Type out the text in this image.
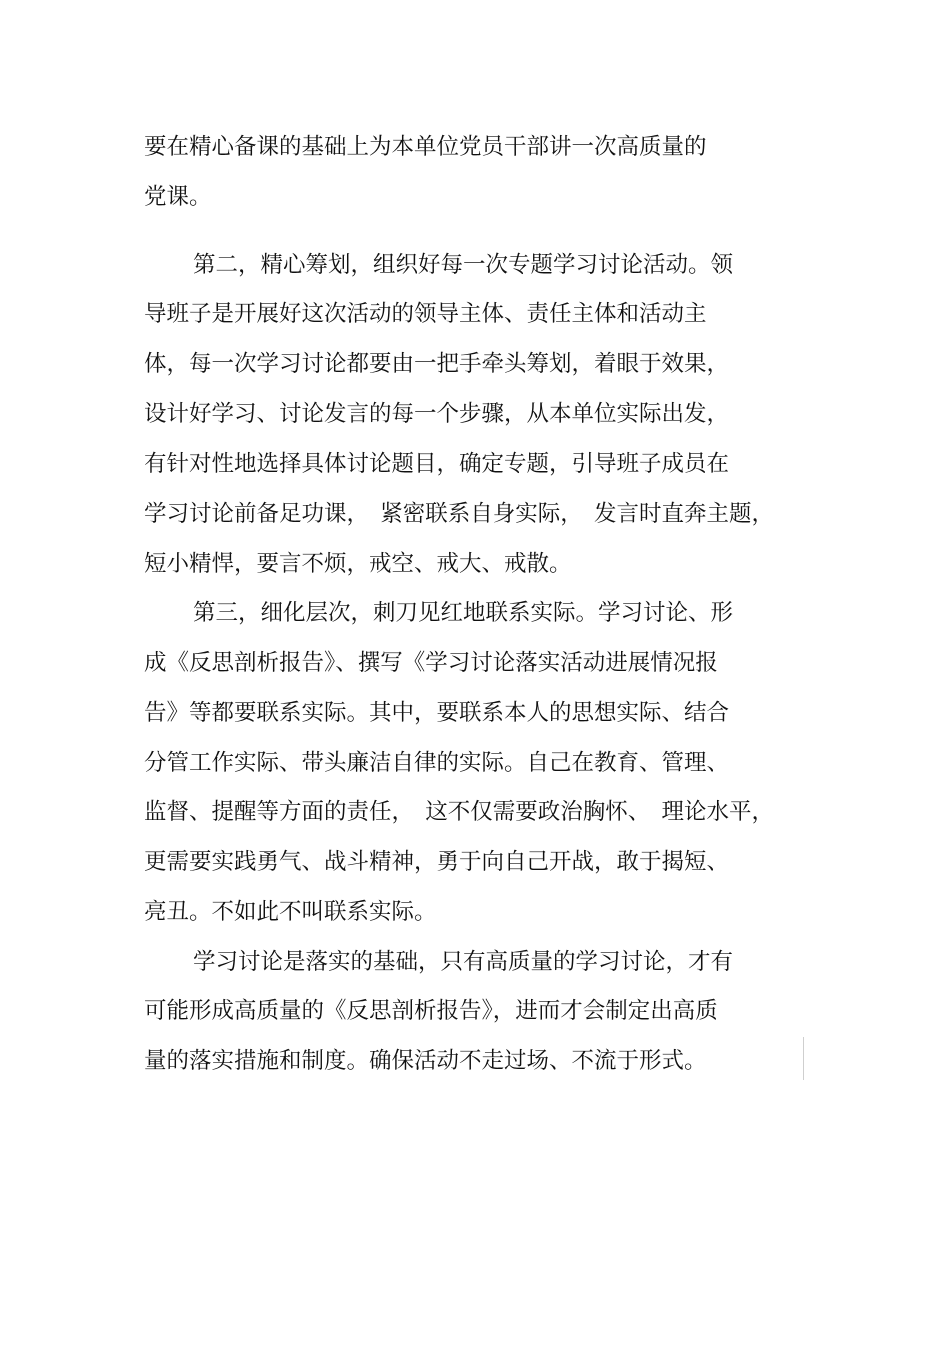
要在精心备课的基础上为本单位党员干部讲一次高质量的
党课。
第二，精心筹划，组织好每一次专题学习讨论活动。领
导班子是开展好这次活动的领导主体、责任主体和活动主
体，每一次学习讨论都要由一把手牵头筹划，着眼于效果，
设计好学习、讨论发言的每一个步骤，从本单位实际出发，
有针对性地选择具体讨论题目，确定专题，引导班子成员在
学习讨论前备足功课，　紧密联系自身实际，　发言时直奔主题，
短小精悍，要言不烦，戒空、戒大、戒散。
第三，细化层次，刺刀见红地联系实际。学习讨论、形
成《反思剖析报告》、撰写《学习讨论落实活动进展情况报
告》等都要联系实际。其中，要联系本人的思想实际、结合
分管工作实际、带头廉洁自律的实际。自己在教育、管理、
监督、提醒等方面的责任，　这不仅需要政治胸怀、　理论水平，
更需要实践勇气、战斗精神，勇于向自己开战，敢于揭短、
亮丑。不如此不叫联系实际。
学习讨论是落实的基础，只有高质量的学习讨论，才有
可能形成高质量的《反思剖析报告》，进而才会制定出高质
量的落实措施和制度。确保活动不走过场、不流于形式。
